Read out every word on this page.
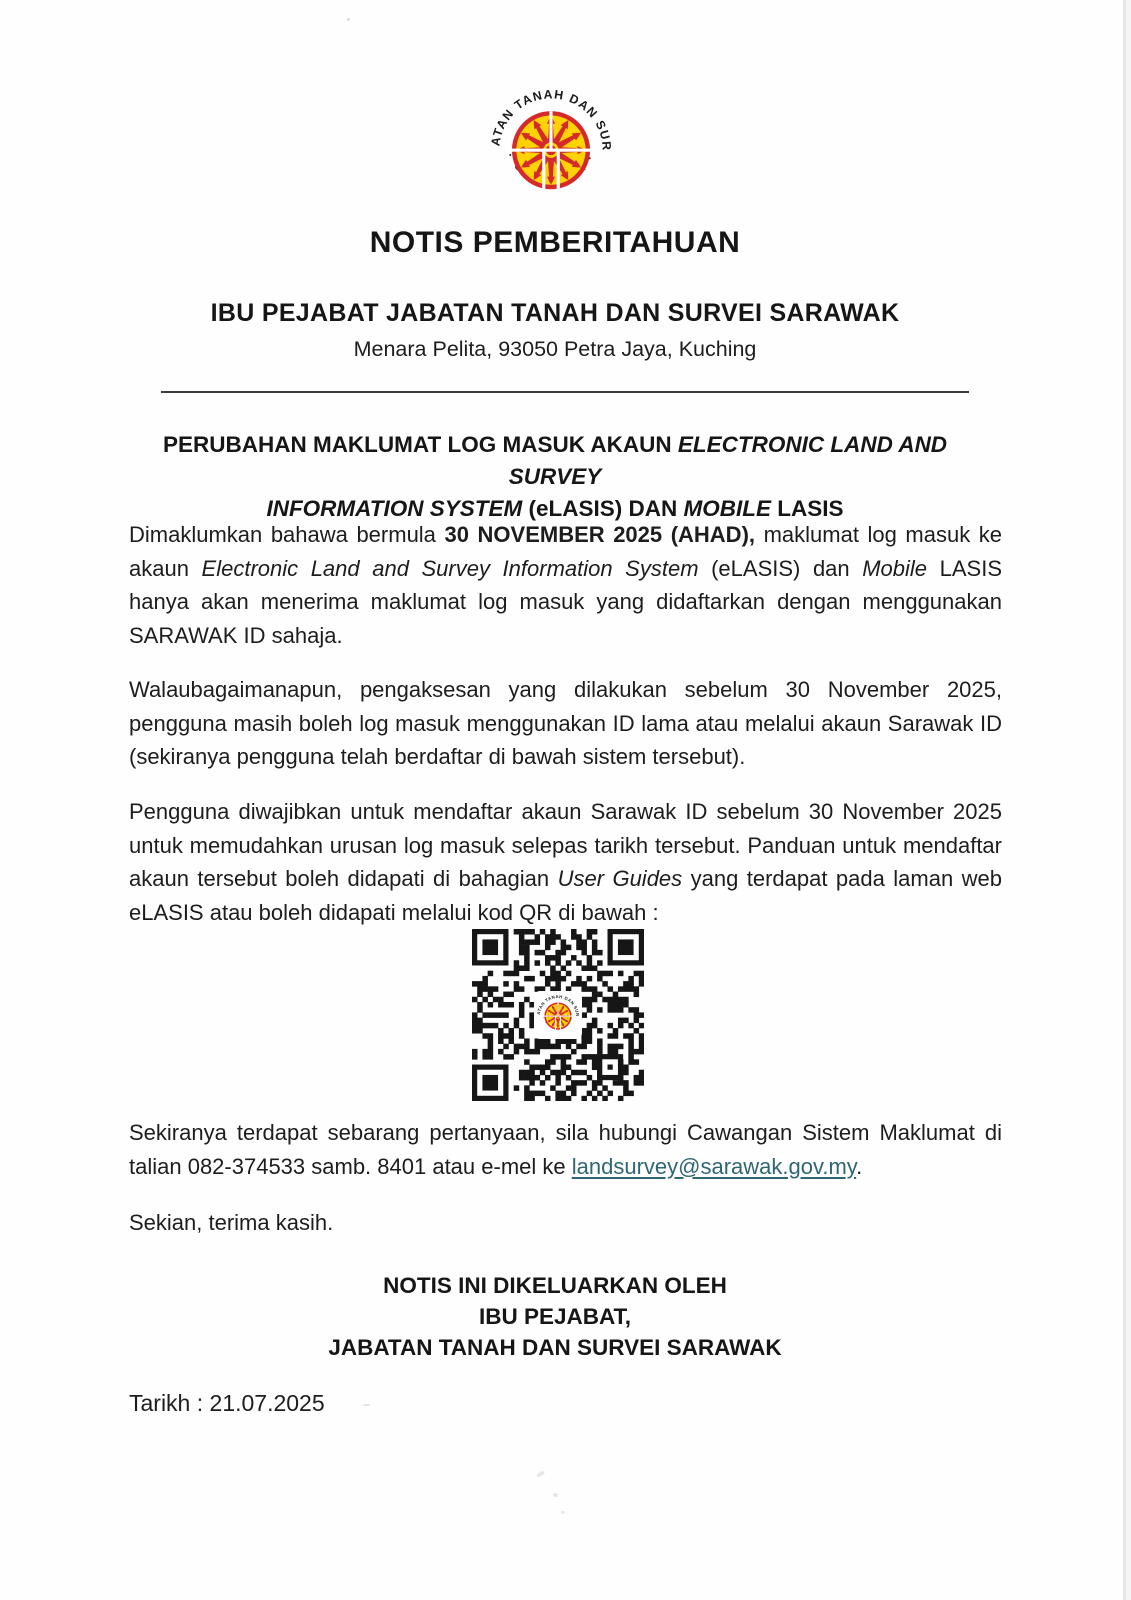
NOTIS PEMBERITAHUAN
IBU PEJABAT JABATAN TANAH DAN SURVEI SARAWAK
Menara Pelita, 93050 Petra Jaya, Kuching
PERUBAHAN MAKLUMAT LOG MASUK AKAUN ELECTRONIC LAND AND SURVEY
INFORMATION SYSTEM (eLASIS) DAN MOBILE LASIS
Dimaklumkan bahawa bermula 30 NOVEMBER 2025 (AHAD), maklumat log masuk ke akaun Electronic Land and Survey Information System (eLASIS) dan Mobile LASIS hanya akan menerima maklumat log masuk yang didaftarkan dengan menggunakan SARAWAK ID sahaja.
Walaubagaimanapun, pengaksesan yang dilakukan sebelum 30 November 2025, pengguna masih boleh log masuk menggunakan ID lama atau melalui akaun Sarawak ID (sekiranya pengguna telah berdaftar di bawah sistem tersebut).
Pengguna diwajibkan untuk mendaftar akaun Sarawak ID sebelum 30 November 2025 untuk memudahkan urusan log masuk selepas tarikh tersebut. Panduan untuk mendaftar akaun tersebut boleh didapati di bahagian User Guides yang terdapat pada laman web eLASIS atau boleh didapati melalui kod QR di bawah :
Sekiranya terdapat sebarang pertanyaan, sila hubungi Cawangan Sistem Maklumat di talian 082-374533 samb. 8401 atau e-mel ke landsurvey@sarawak.gov.my.
Sekian, terima kasih.
NOTIS INI DIKELUARKAN OLEH
IBU PEJABAT,
JABATAN TANAH DAN SURVEI SARAWAK
Tarikh : 21.07.2025
